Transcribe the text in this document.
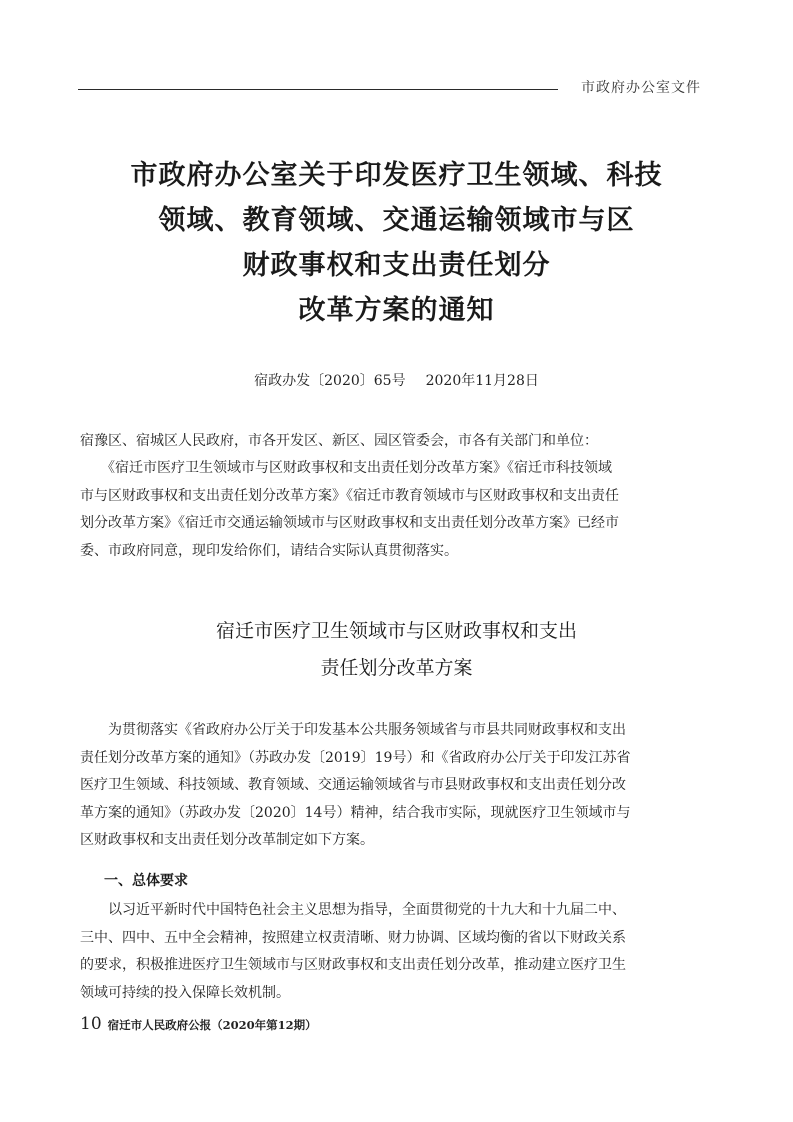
市政府办公室文件
市政府办公室关于印发医疗卫生领域、科技
领域、教育领域、交通运输领域市与区
财政事权和支出责任划分
改革方案的通知
宿政办发〔2020〕65号 2020年11月28日
宿豫区、宿城区人民政府，市各开发区、新区、园区管委会，市各有关部门和单位：
　　《宿迁市医疗卫生领域市与区财政事权和支出责任划分改革方案》《宿迁市科技领域
市与区财政事权和支出责任划分改革方案》《宿迁市教育领域市与区财政事权和支出责任
划分改革方案》《宿迁市交通运输领域市与区财政事权和支出责任划分改革方案》已经市
委、市政府同意，现印发给你们，请结合实际认真贯彻落实。
宿迁市医疗卫生领域市与区财政事权和支出
责任划分改革方案
　　为贯彻落实《省政府办公厅关于印发基本公共服务领域省与市县共同财政事权和支出
责任划分改革方案的通知》（苏政办发〔2019〕19号）和《省政府办公厅关于印发江苏省
医疗卫生领域、科技领域、教育领域、交通运输领域省与市县财政事权和支出责任划分改
革方案的通知》（苏政办发〔2020〕14号）精神，结合我市实际，现就医疗卫生领域市与
区财政事权和支出责任划分改革制定如下方案。
一、总体要求
　　以习近平新时代中国特色社会主义思想为指导，全面贯彻党的十九大和十九届二中、
三中、四中、五中全会精神，按照建立权责清晰、财力协调、区域均衡的省以下财政关系
的要求，积极推进医疗卫生领域市与区财政事权和支出责任划分改革，推动建立医疗卫生
领域可持续的投入保障长效机制。
10 宿迁市人民政府公报（2020年第12期）
